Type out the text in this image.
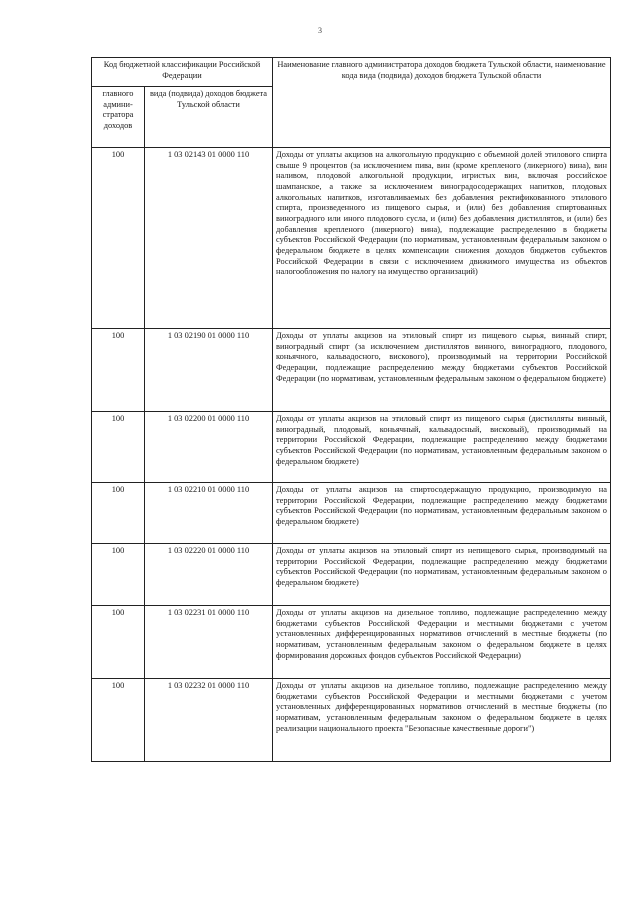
3
Код бюджетной классификации Российской Федерации		Наименование главного администратора доходов бюджета Тульской области, наименование кода вида (подвида) доходов бюджета Тульской области
главного админи-стратора доходов	вида (подвида) доходов бюджета Тульской области	
100	1 03 02143 01 0000 110	Доходы от уплаты акцизов на алкогольную продукцию с объемной долей этилового спирта свыше 9 процентов (за исключением пива, вин (кроме крепленого (ликерного) вина), вин наливом, плодовой алкогольной продукции, игристых вин, включая российское шампанское, а также за исключением виноградосодержащих напитков, плодовых алкогольных напитков, изготавливаемых без добавления ректификованного этилового спирта, произведенного из пищевого сырья, и (или) без добавления спиртованных виноградного или иного плодового сусла, и (или) без добавления дистиллятов, и (или) без добавления крепленого (ликерного) вина), подлежащие распределению в бюджеты субъектов Российской Федерации (по нормативам, установленным федеральным законом о федеральном бюджете в целях компенсации снижения доходов бюджетов субъектов Российской Федерации в связи с исключением движимого имущества из объектов налогообложения по налогу на имущество организаций)
100	1 03 02190 01 0000 110	Доходы от уплаты акцизов на этиловый спирт из пищевого сырья, винный спирт, виноградный спирт (за исключением дистиллятов винного, виноградного, плодового, коньячного, кальвадосного, вискового), производимый на территории Российской Федерации, подлежащие распределению между бюджетами субъектов Российской Федерации (по нормативам, установленным федеральным законом о федеральном бюджете)
100	1 03 02200 01 0000 110	Доходы от уплаты акцизов на этиловый спирт из пищевого сырья (дистилляты винный, виноградный, плодовый, коньячный, кальвадосный, висковый), производимый на территории Российской Федерации, подлежащие распределению между бюджетами субъектов Российской Федерации (по нормативам, установленным федеральным законом о федеральном бюджете)
100	1 03 02210 01 0000 110	Доходы от уплаты акцизов на спиртосодержащую продукцию, производимую на территории Российской Федерации, подлежащие распределению между бюджетами субъектов Российской Федерации (по нормативам, установленным федеральным законом о федеральном бюджете)
100	1 03 02220 01 0000 110	Доходы от уплаты акцизов на этиловый спирт из непищевого сырья, производимый на территории Российской Федерации, подлежащие распределению между бюджетами субъектов Российской Федерации (по нормативам, установленным федеральным законом о федеральном бюджете)
100	1 03 02231 01 0000 110	Доходы от уплаты акцизов на дизельное топливо, подлежащие распределению между бюджетами субъектов Российской Федерации и местными бюджетами с учетом установленных дифференцированных нормативов отчислений в местные бюджеты (по нормативам, установленным федеральным законом о федеральном бюджете в целях формирования дорожных фондов субъектов Российской Федерации)
100	1 03 02232 01 0000 110	Доходы от уплаты акцизов на дизельное топливо, подлежащие распределению между бюджетами субъектов Российской Федерации и местными бюджетами с учетом установленных дифференцированных нормативов отчислений в местные бюджеты (по нормативам, установленным федеральным законом о федеральном бюджете в целях реализации национального проекта "Безопасные качественные дороги")
